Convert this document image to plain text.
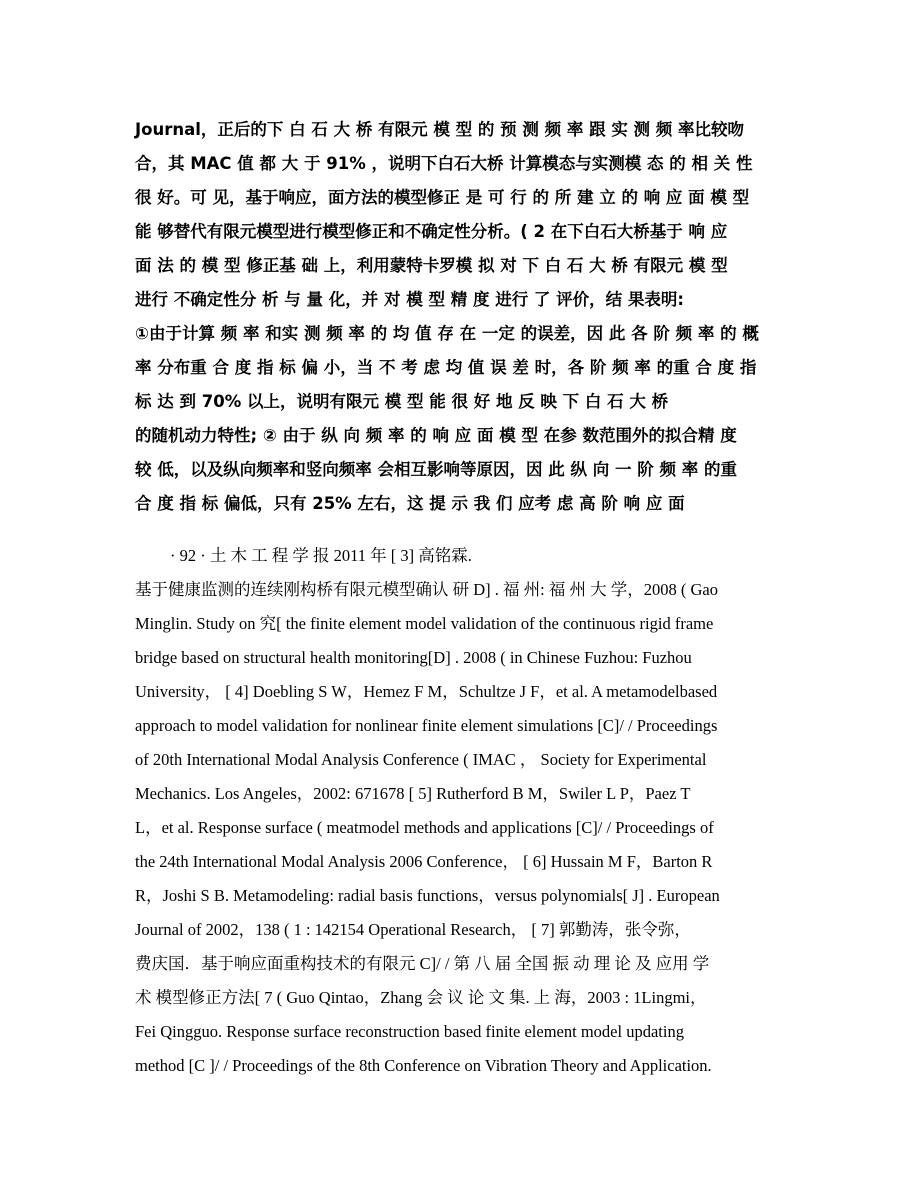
Journal，正后的下 白 石 大 桥 有限元 模 型 的 预 测 频 率 跟 实 测 频 率比较吻
合，其 MAC 值 都 大 于 91% ，说明下白石大桥 计算模态与实测模 态 的 相 关 性
很 好。可 见，基于响应，面方法的模型修正 是 可 行 的 所 建 立 的 响 应 面 模 型
能 够替代有限元模型进行模型修正和不确定性分析。( 2 在下白石大桥基于 响 应
面 法 的 模 型 修正基 础 上，利用蒙特卡罗模 拟 对 下 白 石 大 桥 有限元 模 型
进行 不确定性分 析 与 量 化，并 对 模 型 精 度 进行 了 评价，结 果表明:
①由于计算 频 率 和实 测 频 率 的 均 值 存 在 一定 的误差，因 此 各 阶 频 率 的 概
率 分布重 合 度 指 标 偏 小，当 不 考 虑 均 值 误 差 时，各 阶 频 率 的重 合 度 指
标 达 到 70% 以上，说明有限元 模 型 能 很 好 地 反 映 下 白 石 大 桥
的随机动力特性; ② 由于 纵 向 频 率 的 响 应 面 模 型 在参 数范围外的拟合精 度
较 低，以及纵向频率和竖向频率 会相互影响等原因，因 此 纵 向 一 阶 频 率 的重
合 度 指 标 偏低，只有 25% 左右，这 提 示 我 们 应考 虑 高 阶 响 应 面
· 92 · 土 木 工 程 学 报 2011 年 [ 3] 高铭霖.
基于健康监测的连续刚构桥有限元模型确认 研 D] . 福 州: 福 州 大 学，2008 ( Gao
Minglin. Study on 究[ the finite element model validation of the continuous rigid frame
bridge based on structural health monitoring[D] . 2008 ( in Chinese Fuzhou: Fuzhou
University， [ 4] Doebling S W，Hemez F M，Schultze J F，et al. A metamodelbased
approach to model validation for nonlinear finite element simulations [C]/ / Proceedings
of 20th International Modal Analysis Conference ( IMAC ， Society for Experimental
Mechanics. Los Angeles，2002: 671678 [ 5] Rutherford B M，Swiler L P，Paez T
L，et al. Response surface ( meatmodel methods and applications [C]/ / Proceedings of
the 24th International Modal Analysis 2006 Conference， [ 6] Hussain M F，Barton R
R，Joshi S B. Metamodeling: radial basis functions，versus polynomials[ J] . European
Journal of 2002，138 ( 1 : 142154 Operational Research， [ 7] 郭勤涛，张令弥，
费庆国．基于响应面重构技术的有限元 C]/ / 第 八 届 全国 振 动 理 论 及 应用 学
术 模型修正方法[ 7 ( Guo Qintao，Zhang 会 议 论 文 集. 上 海，2003 : 1Lingmi，
Fei Qingguo. Response surface reconstruction based finite element model updating
method [C ]/ / Proceedings of the 8th Conference on Vibration Theory and Application.
